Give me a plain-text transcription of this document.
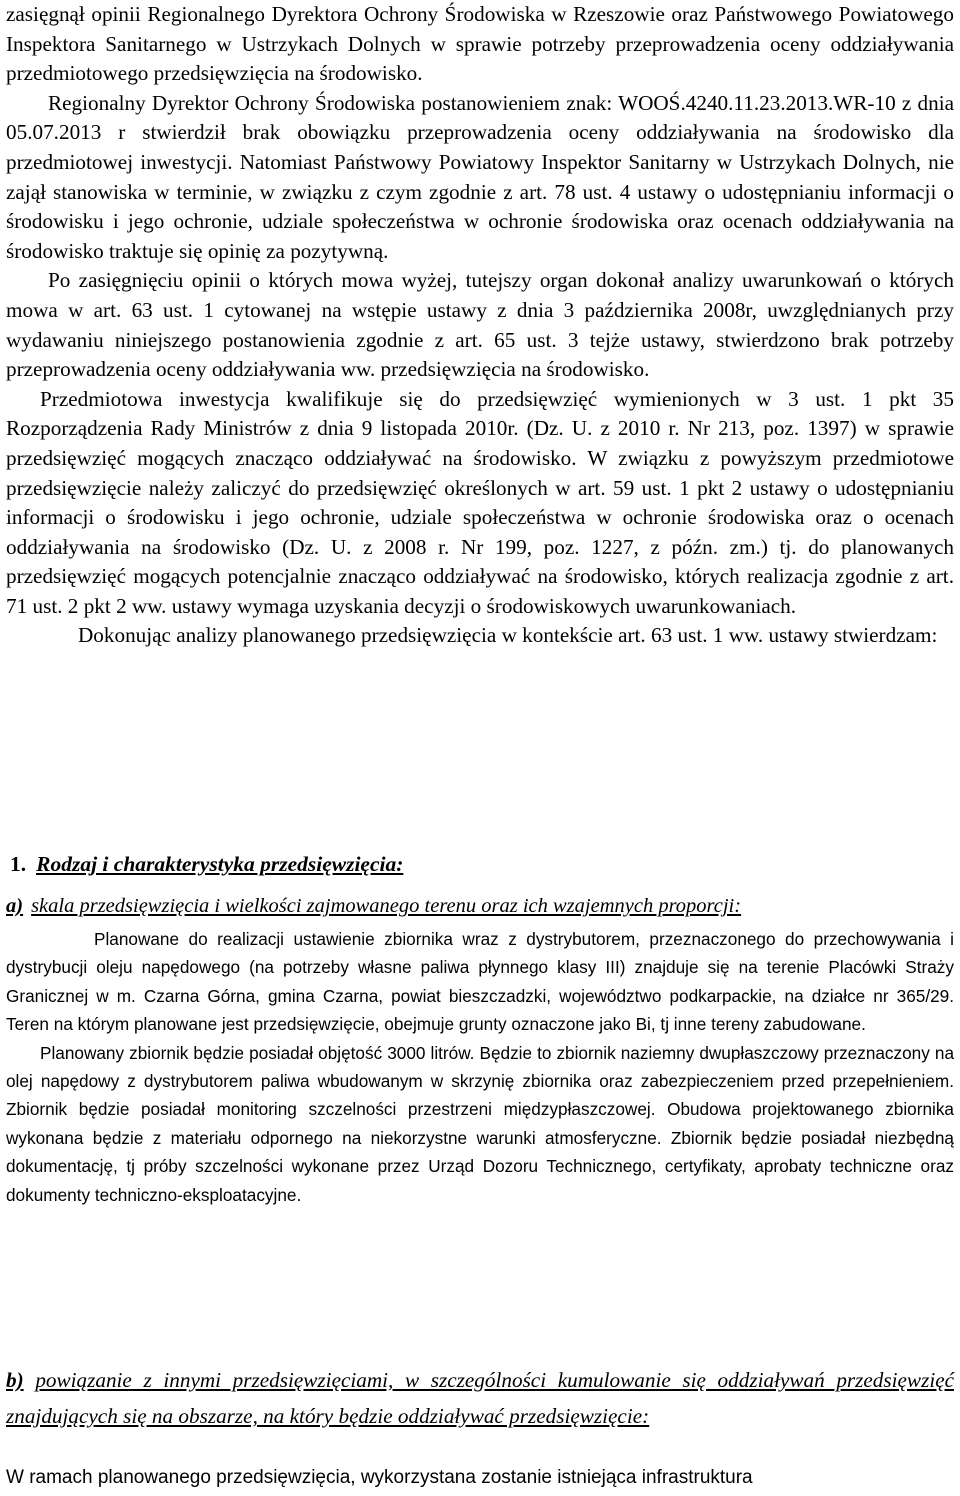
zasięgnął opinii Regionalnego Dyrektora Ochrony Środowiska w Rzeszowie oraz Państwowego Powiatowego Inspektora Sanitarnego w Ustrzykach Dolnych w sprawie potrzeby przeprowadzenia oceny oddziaływania przedmiotowego przedsięwzięcia na środowisko.

Regionalny Dyrektor Ochrony Środowiska postanowieniem znak: WOOŚ.4240.11.23.2013.WR-10 z dnia 05.07.2013 r stwierdził brak obowiązku przeprowadzenia oceny oddziaływania na środowisko dla przedmiotowej inwestycji. Natomiast Państwowy Powiatowy Inspektor Sanitarny w Ustrzykach Dolnych, nie zajął stanowiska w terminie, w związku z czym zgodnie z art. 78 ust. 4 ustawy o udostępnianiu informacji o środowisku i jego ochronie, udziale społeczeństwa w ochronie środowiska oraz ocenach oddziaływania na środowisko traktuje się opinię za pozytywną.

Po zasięgnięciu opinii o których mowa wyżej, tutejszy organ dokonał analizy uwarunkowań o których mowa w art. 63 ust. 1 cytowanej na wstępie ustawy z dnia 3 października 2008r, uwzględnianych przy wydawaniu niniejszego postanowienia zgodnie z art. 65 ust. 3 tejże ustawy, stwierdzono brak potrzeby przeprowadzenia oceny oddziaływania ww. przedsięwzięcia na środowisko.

Przedmiotowa inwestycja kwalifikuje się do przedsięwzięć wymienionych w 3 ust. 1 pkt 35 Rozporządzenia Rady Ministrów z dnia 9 listopada 2010r. (Dz. U. z 2010 r. Nr 213, poz. 1397) w sprawie przedsięwzięć mogących znacząco oddziaływać na środowisko. W związku z powyższym przedmiotowe przedsięwzięcie należy zaliczyć do przedsięwzięć określonych w art. 59 ust. 1 pkt 2 ustawy o udostępnianiu informacji o środowisku i jego ochronie, udziale społeczeństwa w ochronie środowiska oraz o ocenach oddziaływania na środowisko (Dz. U. z 2008 r. Nr 199, poz. 1227, z późn. zm.) tj. do planowanych przedsięwzięć mogących potencjalnie znacząco oddziaływać na środowisko, których realizacja zgodnie z art. 71 ust. 2 pkt 2 ww. ustawy wymaga uzyskania decyzji o środowiskowych uwarunkowaniach.

Dokonując analizy planowanego przedsięwzięcia w kontekście art. 63 ust. 1 ww. ustawy stwierdzam:

1. Rodzaj i charakterystyka przedsięwzięcia:
a) skala przedsięwzięcia i wielkości zajmowanego terenu oraz ich wzajemnych proporcji:

Planowane do realizacji ustawienie zbiornika wraz z dystrybutorem, przeznaczonego do przechowywania i dystrybucji oleju napędowego (na potrzeby własne paliwa płynnego klasy III) znajduje się na terenie Placówki Straży Granicznej w m. Czarna Górna, gmina Czarna, powiat bieszczadzki, województwo podkarpackie, na działce nr 365/29. Teren na którym planowane jest przedsięwzięcie, obejmuje grunty oznaczone jako Bi, tj inne tereny zabudowane.

Planowany zbiornik będzie posiadał objętość 3000 litrów. Będzie to zbiornik naziemny dwupłaszczowy przeznaczony na olej napędowy z dystrybutorem paliwa wbudowanym w skrzynię zbiornika oraz zabezpieczeniem przed przepełnieniem. Zbiornik będzie posiadał monitoring szczelności przestrzeni międzypłaszczowej. Obudowa projektowanego zbiornika wykonana będzie z materiału odpornego na niekorzystne warunki atmosferyczne. Zbiornik będzie posiadał niezbędną dokumentację, tj próby szczelności wykonane przez Urząd Dozoru Technicznego, certyfikaty, aprobaty techniczne oraz dokumenty techniczno-eksploatacyjne.

b) powiązanie z innymi przedsięwzięciami, w szczególności kumulowanie się oddziaływań przedsięwzięć znajdujących się na obszarze, na który będzie oddziaływać przedsięwzięcie:
W ramach planowanego przedsięwzięcia, wykorzystana zostanie istniejąca infrastruktura
